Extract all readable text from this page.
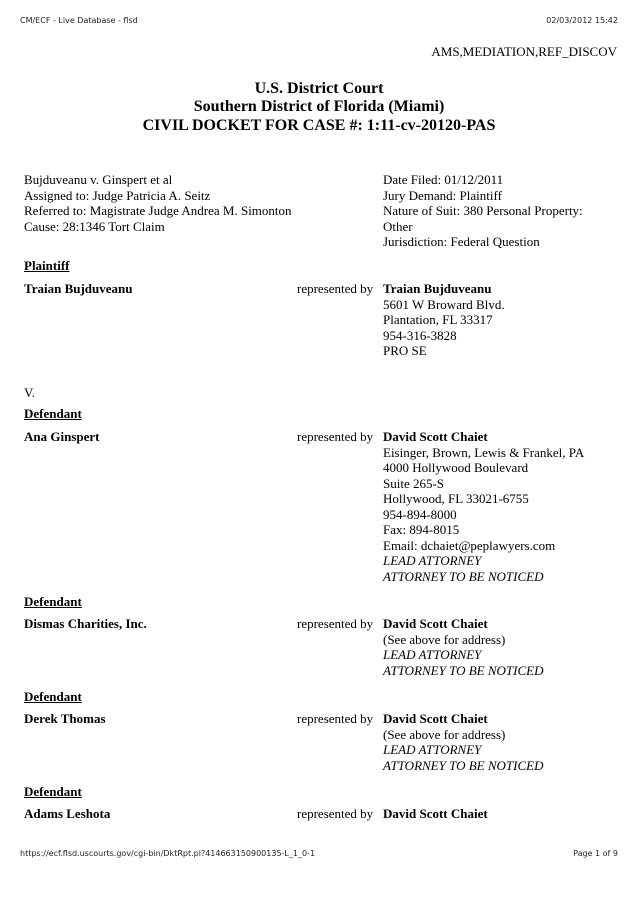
CM/ECF - Live Database - flsd	02/03/2012 15:42
AMS,MEDIATION,REF_DISCOV
U.S. District Court
Southern District of Florida (Miami)
CIVIL DOCKET FOR CASE #: 1:11-cv-20120-PAS
Bujduveanu v. Ginspert et al
Assigned to: Judge Patricia A. Seitz
Referred to: Magistrate Judge Andrea M. Simonton
Cause: 28:1346 Tort Claim
Date Filed: 01/12/2011
Jury Demand: Plaintiff
Nature of Suit: 380 Personal Property:
Other
Jurisdiction: Federal Question
Plaintiff
Traian Bujduveanu	represented by Traian Bujduveanu
5601 W Broward Blvd.
Plantation, FL 33317
954-316-3828
PRO SE
V.
Defendant
Ana Ginspert	represented by David Scott Chaiet
Eisinger, Brown, Lewis & Frankel, PA
4000 Hollywood Boulevard
Suite 265-S
Hollywood, FL 33021-6755
954-894-8000
Fax: 894-8015
Email: dchaiet@peplawyers.com
LEAD ATTORNEY
ATTORNEY TO BE NOTICED
Defendant
Dismas Charities, Inc.	represented by David Scott Chaiet
(See above for address)
LEAD ATTORNEY
ATTORNEY TO BE NOTICED
Defendant
Derek Thomas	represented by David Scott Chaiet
(See above for address)
LEAD ATTORNEY
ATTORNEY TO BE NOTICED
Defendant
Adams Leshota	represented by David Scott Chaiet
https://ecf.flsd.uscourts.gov/cgi-bin/DktRpt.pl?414663150900135-L_1_0-1	Page 1 of 9
